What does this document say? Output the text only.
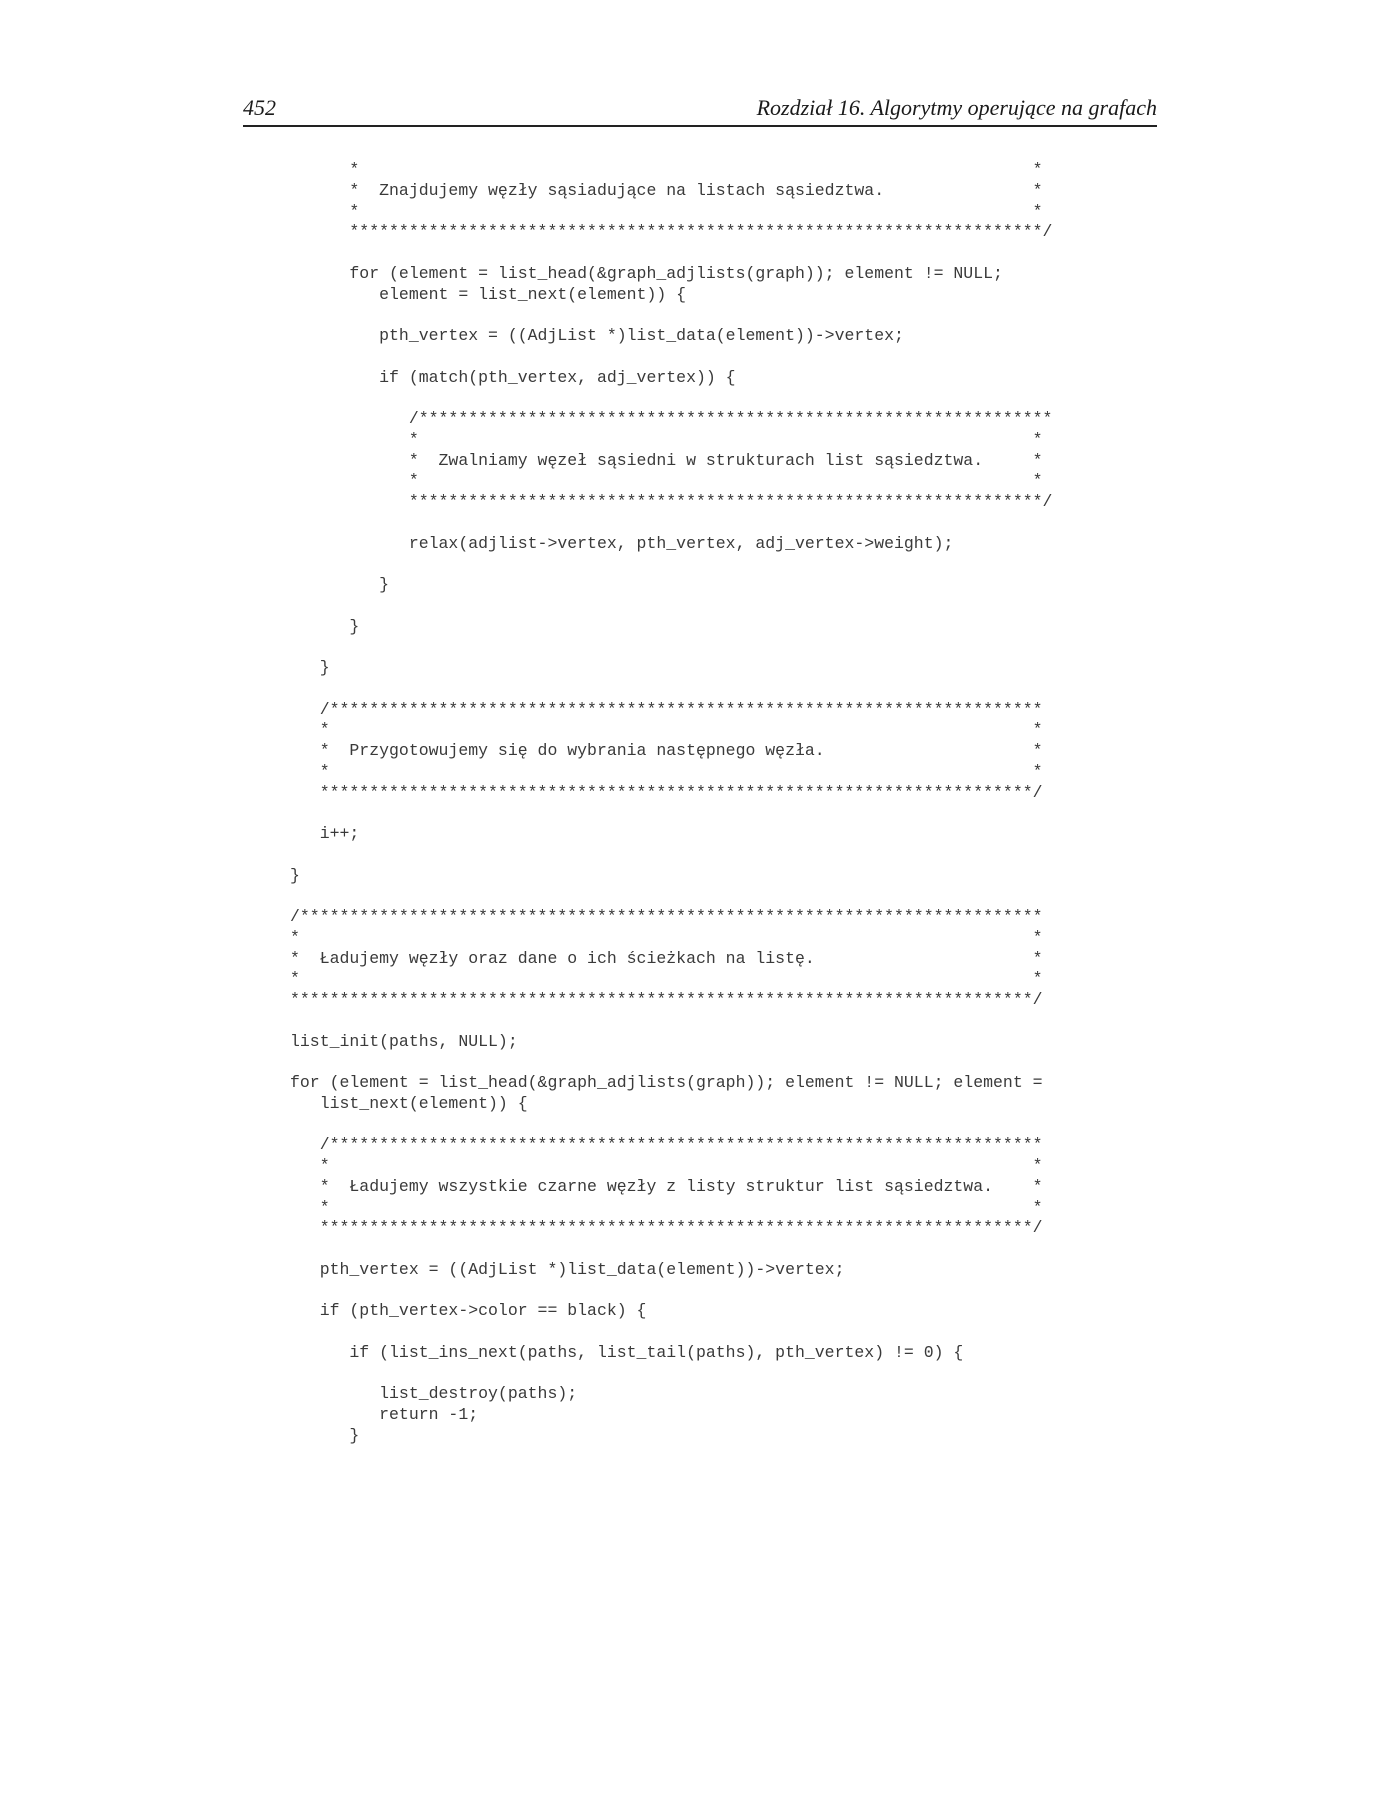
452	Rozdział 16. Algorytmy operujące na grafach
*                                                                    *
*  Znajdujemy węzły sąsiadujące na listach sąsiedztwa.               *
*                                                                    *
**********************************************************************/
for (element = list_head(&graph_adjlists(graph)); element != NULL;
element = list_next(element)) {
pth_vertex = ((AdjList *)list_data(element))->vertex;
if (match(pth_vertex, adj_vertex)) {
/****************************************************************
*                                                              *
*  Zwalniamy węzeł sąsiedni w strukturach list sąsiedztwa.     *
*                                                              *
****************************************************************/
relax(adjlist->vertex, pth_vertex, adj_vertex->weight);
}
}
}
/************************************************************************
*                                                                       *
*  Przygotowujemy się do wybrania następnego węzła.                     *
*                                                                       *
************************************************************************/
i++;
}
/***************************************************************************
*                                                                          *
*  Ładujemy węzły oraz dane o ich ścieżkach na listę.                      *
*                                                                          *
***************************************************************************/
list_init(paths, NULL);
for (element = list_head(&graph_adjlists(graph)); element != NULL; element =
list_next(element)) {
/************************************************************************
*                                                                       *
*  Ładujemy wszystkie czarne węzły z listy struktur list sąsiedztwa.    *
*                                                                       *
************************************************************************/
pth_vertex = ((AdjList *)list_data(element))->vertex;
if (pth_vertex->color == black) {
if (list_ins_next(paths, list_tail(paths), pth_vertex) != 0) {
list_destroy(paths);
return -1;
}
